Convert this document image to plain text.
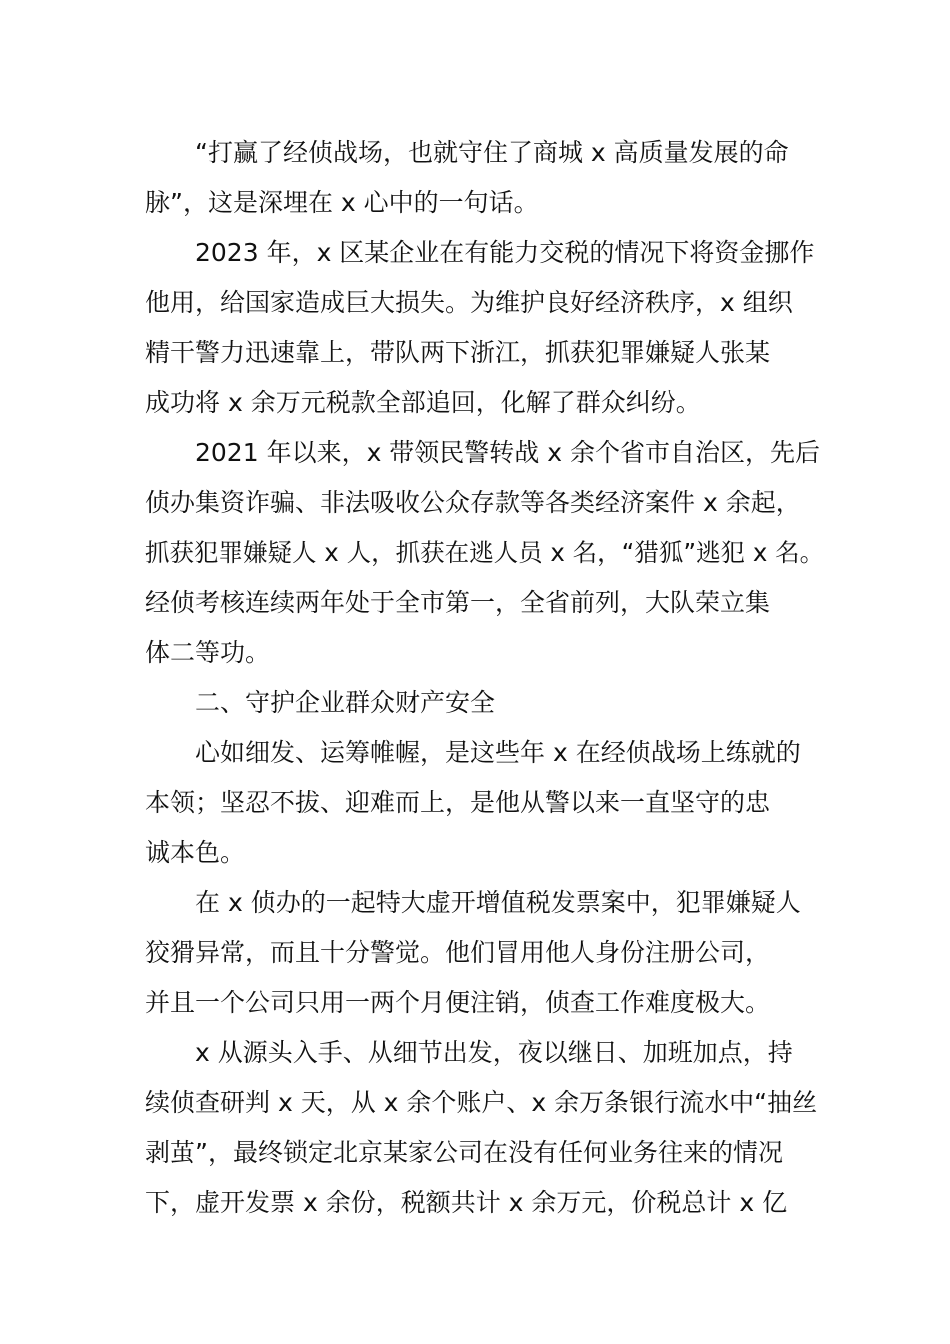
“打赢了经侦战场，也就守住了商城 x 高质量发展的命

脉”，这是深埋在 x 心中的一句话。

2023 年，x 区某企业在有能力交税的情况下将资金挪作

他用，给国家造成巨大损失。为维护良好经济秩序，x 组织

精干警力迅速靠上，带队两下浙江，抓获犯罪嫌疑人张某

成功将 x 余万元税款全部追回，化解了群众纠纷。

2021 年以来，x 带领民警转战 x 余个省市自治区，先后

侦办集资诈骗、非法吸收公众存款等各类经济案件 x 余起，

抓获犯罪嫌疑人 x 人，抓获在逃人员 x 名，“猎狐”逃犯 x 名。

经侦考核连续两年处于全市第一，全省前列，大队荣立集

体二等功。

二、守护企业群众财产安全

心如细发、运筹帷幄，是这些年 x 在经侦战场上练就的

本领；坚忍不拔、迎难而上，是他从警以来一直坚守的忠

诚本色。

在 x 侦办的一起特大虚开增值税发票案中，犯罪嫌疑人

狡猾异常，而且十分警觉。他们冒用他人身份注册公司，

并且一个公司只用一两个月便注销，侦查工作难度极大。

x 从源头入手、从细节出发，夜以继日、加班加点，持

续侦查研判 x 天，从 x 余个账户、x 余万条银行流水中“抽丝

剥茧”，最终锁定北京某家公司在没有任何业务往来的情况

下，虚开发票 x 余份，税额共计 x 余万元，价税总计 x 亿
